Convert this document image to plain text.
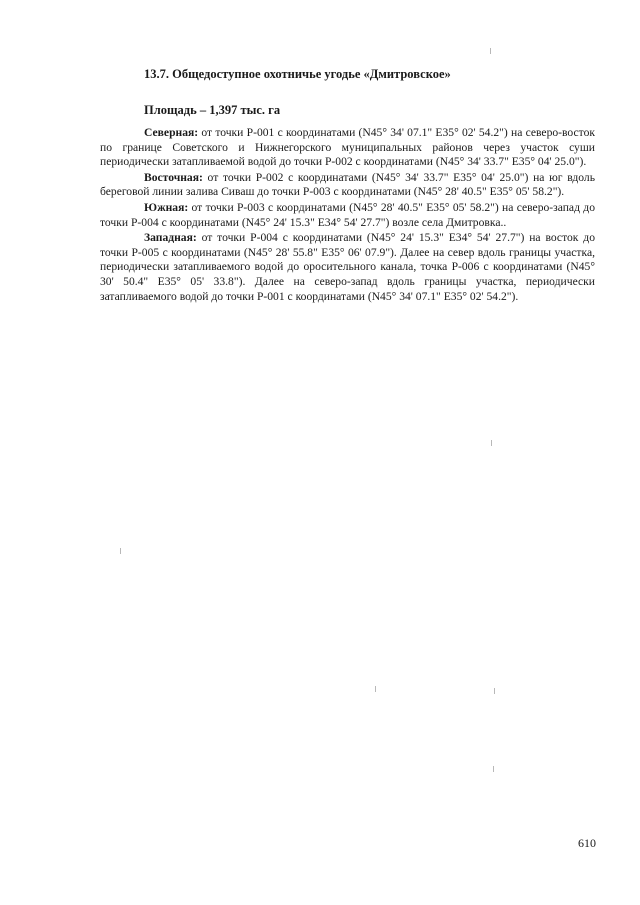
13.7. Общедоступное охотничье угодье «Дмитровское»
Площадь – 1,397 тыс. га

Северная: от точки Р-001 с координатами (N45° 34' 07.1" E35° 02' 54.2") на северо-восток по границе Советского и Нижнегорского муниципальных районов через участок суши периодически затапливаемой водой до точки Р-002 с координатами (N45° 34' 33.7" E35° 04' 25.0").

Восточная: от точки Р-002 с координатами (N45° 34' 33.7" E35° 04' 25.0") на юг вдоль береговой линии залива Сиваш до точки Р-003 с координатами (N45° 28' 40.5" E35° 05' 58.2").

Южная: от точки Р-003 с координатами (N45° 28' 40.5" E35° 05' 58.2") на северо-запад до точки Р-004 с координатами (N45° 24' 15.3" E34° 54' 27.7") возле села Дмитровка..

Западная: от точки Р-004 с координатами (N45° 24' 15.3" E34° 54' 27.7") на восток до точки Р-005 с координатами (N45° 28' 55.8" E35° 06' 07.9"). Далее на север вдоль границы участка, периодически затапливаемого водой до оросительного канала, точка Р-006 с координатами (N45° 30' 50.4" E35° 05' 33.8"). Далее на северо-запад вдоль границы участка, периодически затапливаемого водой до точки Р-001 с координатами (N45° 34' 07.1" E35° 02' 54.2").

610
